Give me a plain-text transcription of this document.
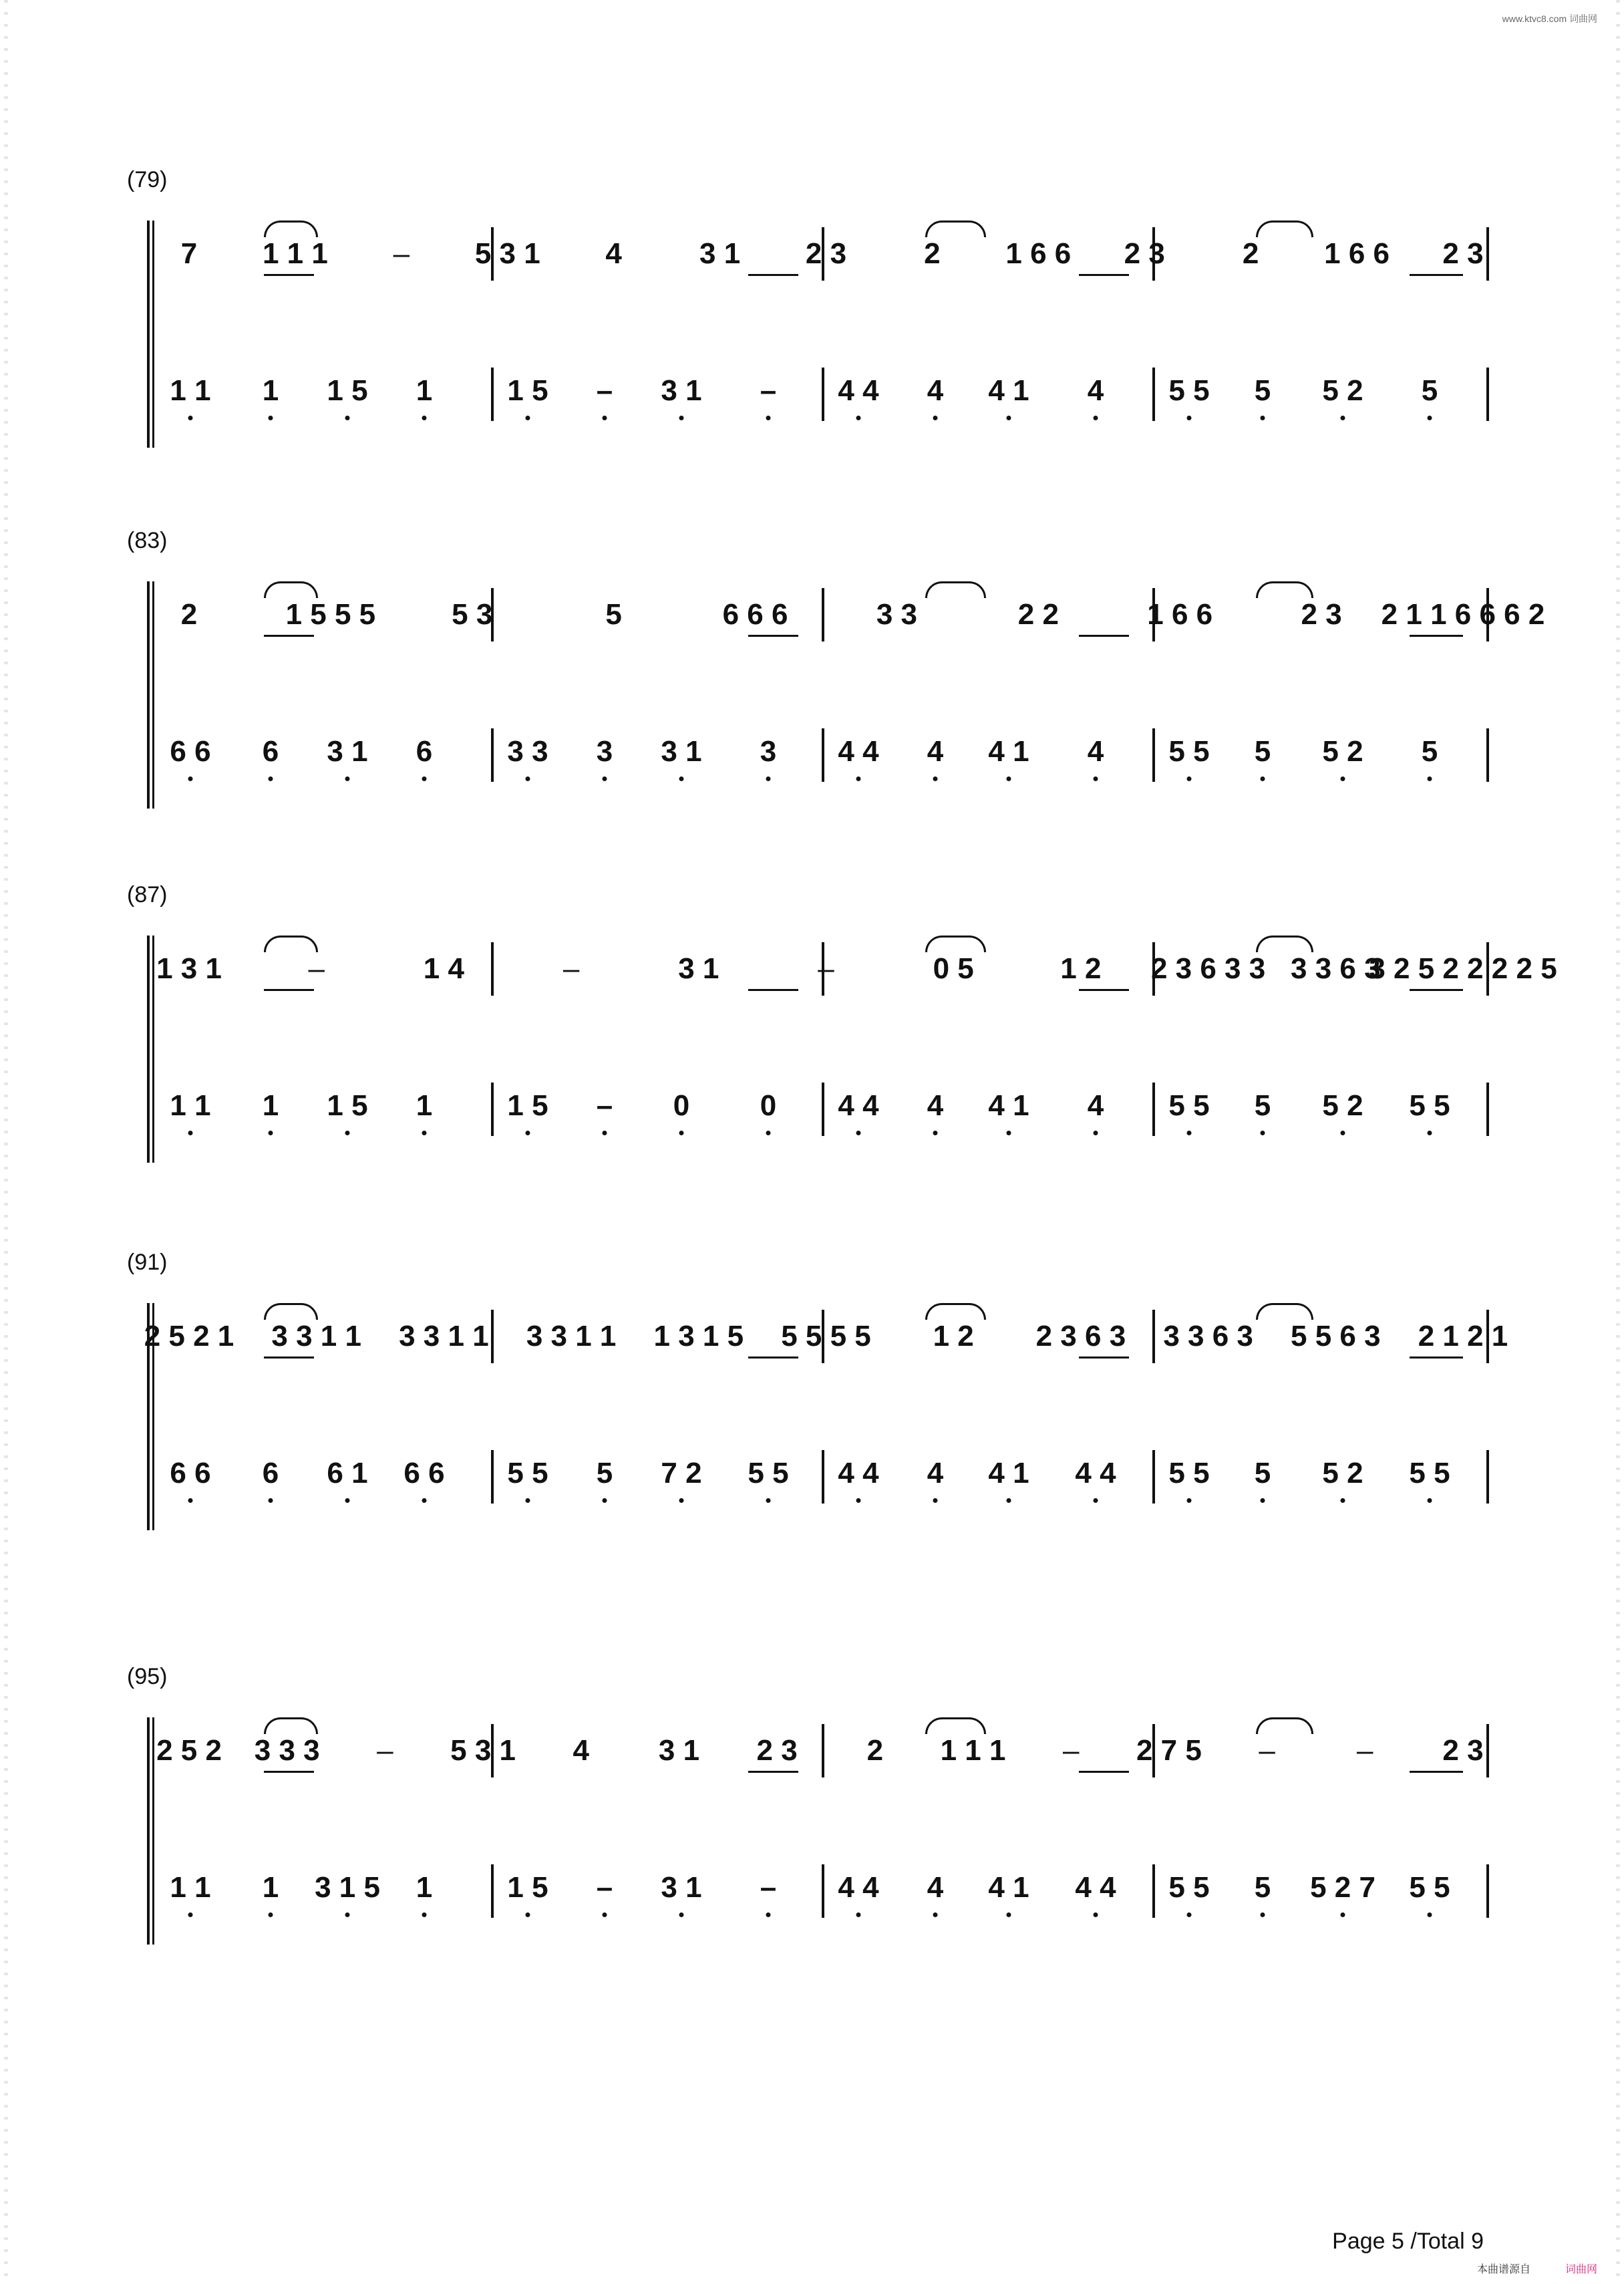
www.ktvc8.com 词曲网
(79)
7 1 1 1 – 5 3 1 4	3 1 2 3	2 1 6 6 2 3	2 1 6 6 2 3
1 1 1 1 5 1	1 5 – 3 1 – 4 4 4 4 1 4 5 5 5 5 2 5
(83)
2	1 5 5 5	5 3	5	6 6 6	3 3	2 2	1 6 6	2 3 2 1 1 6 6 6 2
6 6 6 3 1 6	3 3 3 3 1 3 4 4 4 4 1 4 5 5 5 5 2 5
(87)
1 3 1	–	1 4	–	3 1	–	0 5	1 2 2 3 6 3 3 3 3 6 3
3 2 5 2 2 2 2 5
1 1 1 1 5 1	1 5 – 0 0 4 4 4 4 1 4 5 5 5 5 2 5 5
(91)
2 5 2 1 3 3 1 1 3 3 1 1 3 3 1 1 1 3 1 5 5 5 5 5 1 2 2 3 6 3 3 3 6 3 5 5 6 3 2 1 2 1
6 6 6 6 1 6 6 5 5 5 7 2 5 5 4 4 4 4 1 4 4 5 5 5 5 2 5 5
(95)
2 5 2 3 3 3 – 5 3 1 4 3 1 2 3 2 1 1 1 – 2 7 5 –	– 2 3
1 1 1 3 1 5 1	1 5 – 3 1 – 4 4 4 4 1 4 4 5 5 5 5 2 7 5 5
Page 5 /Total 9
本曲谱源自	词曲网
